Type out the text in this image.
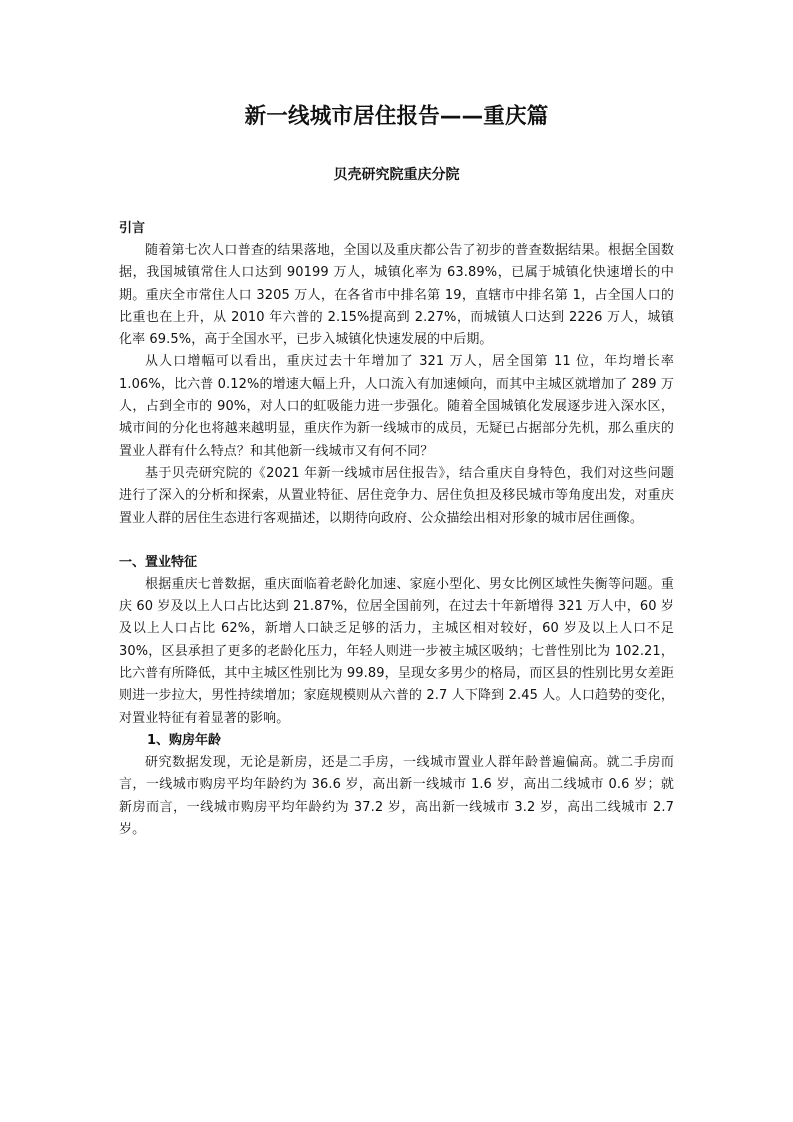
新一线城市居住报告——重庆篇
贝壳研究院重庆分院
引言

随着第七次人口普查的结果落地，全国以及重庆都公告了初步的普查数据结果。根据全国数据，我国城镇常住人口达到 90199 万人，城镇化率为 63.89%，已属于城镇化快速增长的中期。重庆全市常住人口 3205 万人，在各省市中排名第 19，直辖市中排名第 1，占全国人口的比重也在上升，从 2010 年六普的 2.15%提高到 2.27%，而城镇人口达到 2226 万人，城镇化率 69.5%，高于全国水平，已步入城镇化快速发展的中后期。

从人口增幅可以看出，重庆过去十年增加了 321 万人，居全国第 11 位，年均增长率 1.06%，比六普 0.12%的增速大幅上升，人口流入有加速倾向，而其中主城区就增加了 289 万人，占到全市的 90%，对人口的虹吸能力进一步强化。随着全国城镇化发展逐步进入深水区，城市间的分化也将越来越明显，重庆作为新一线城市的成员，无疑已占据部分先机，那么重庆的置业人群有什么特点？和其他新一线城市又有何不同？

基于贝壳研究院的《2021 年新一线城市居住报告》，结合重庆自身特色，我们对这些问题进行了深入的分析和探索，从置业特征、居住竞争力、居住负担及移民城市等角度出发，对重庆置业人群的居住生态进行客观描述，以期待向政府、公众描绘出相对形象的城市居住画像。

一、置业特征

根据重庆七普数据，重庆面临着老龄化加速、家庭小型化、男女比例区域性失衡等问题。重庆 60 岁及以上人口占比达到 21.87%，位居全国前列，在过去十年新增得 321 万人中，60 岁及以上人口占比 62%，新增人口缺乏足够的活力，主城区相对较好，60 岁及以上人口不足 30%，区县承担了更多的老龄化压力，年轻人则进一步被主城区吸纳；七普性别比为 102.21，比六普有所降低，其中主城区性别比为 99.89，呈现女多男少的格局，而区县的性别比男女差距则进一步拉大，男性持续增加；家庭规模则从六普的 2.7 人下降到 2.45 人。人口趋势的变化，对置业特征有着显著的影响。

1、购房年龄

研究数据发现，无论是新房，还是二手房，一线城市置业人群年龄普遍偏高。就二手房而言，一线城市购房平均年龄约为 36.6 岁，高出新一线城市 1.6 岁，高出二线城市 0.6 岁；就新房而言，一线城市购房平均年龄约为 37.2 岁，高出新一线城市 3.2 岁，高出二线城市 2.7 岁。
